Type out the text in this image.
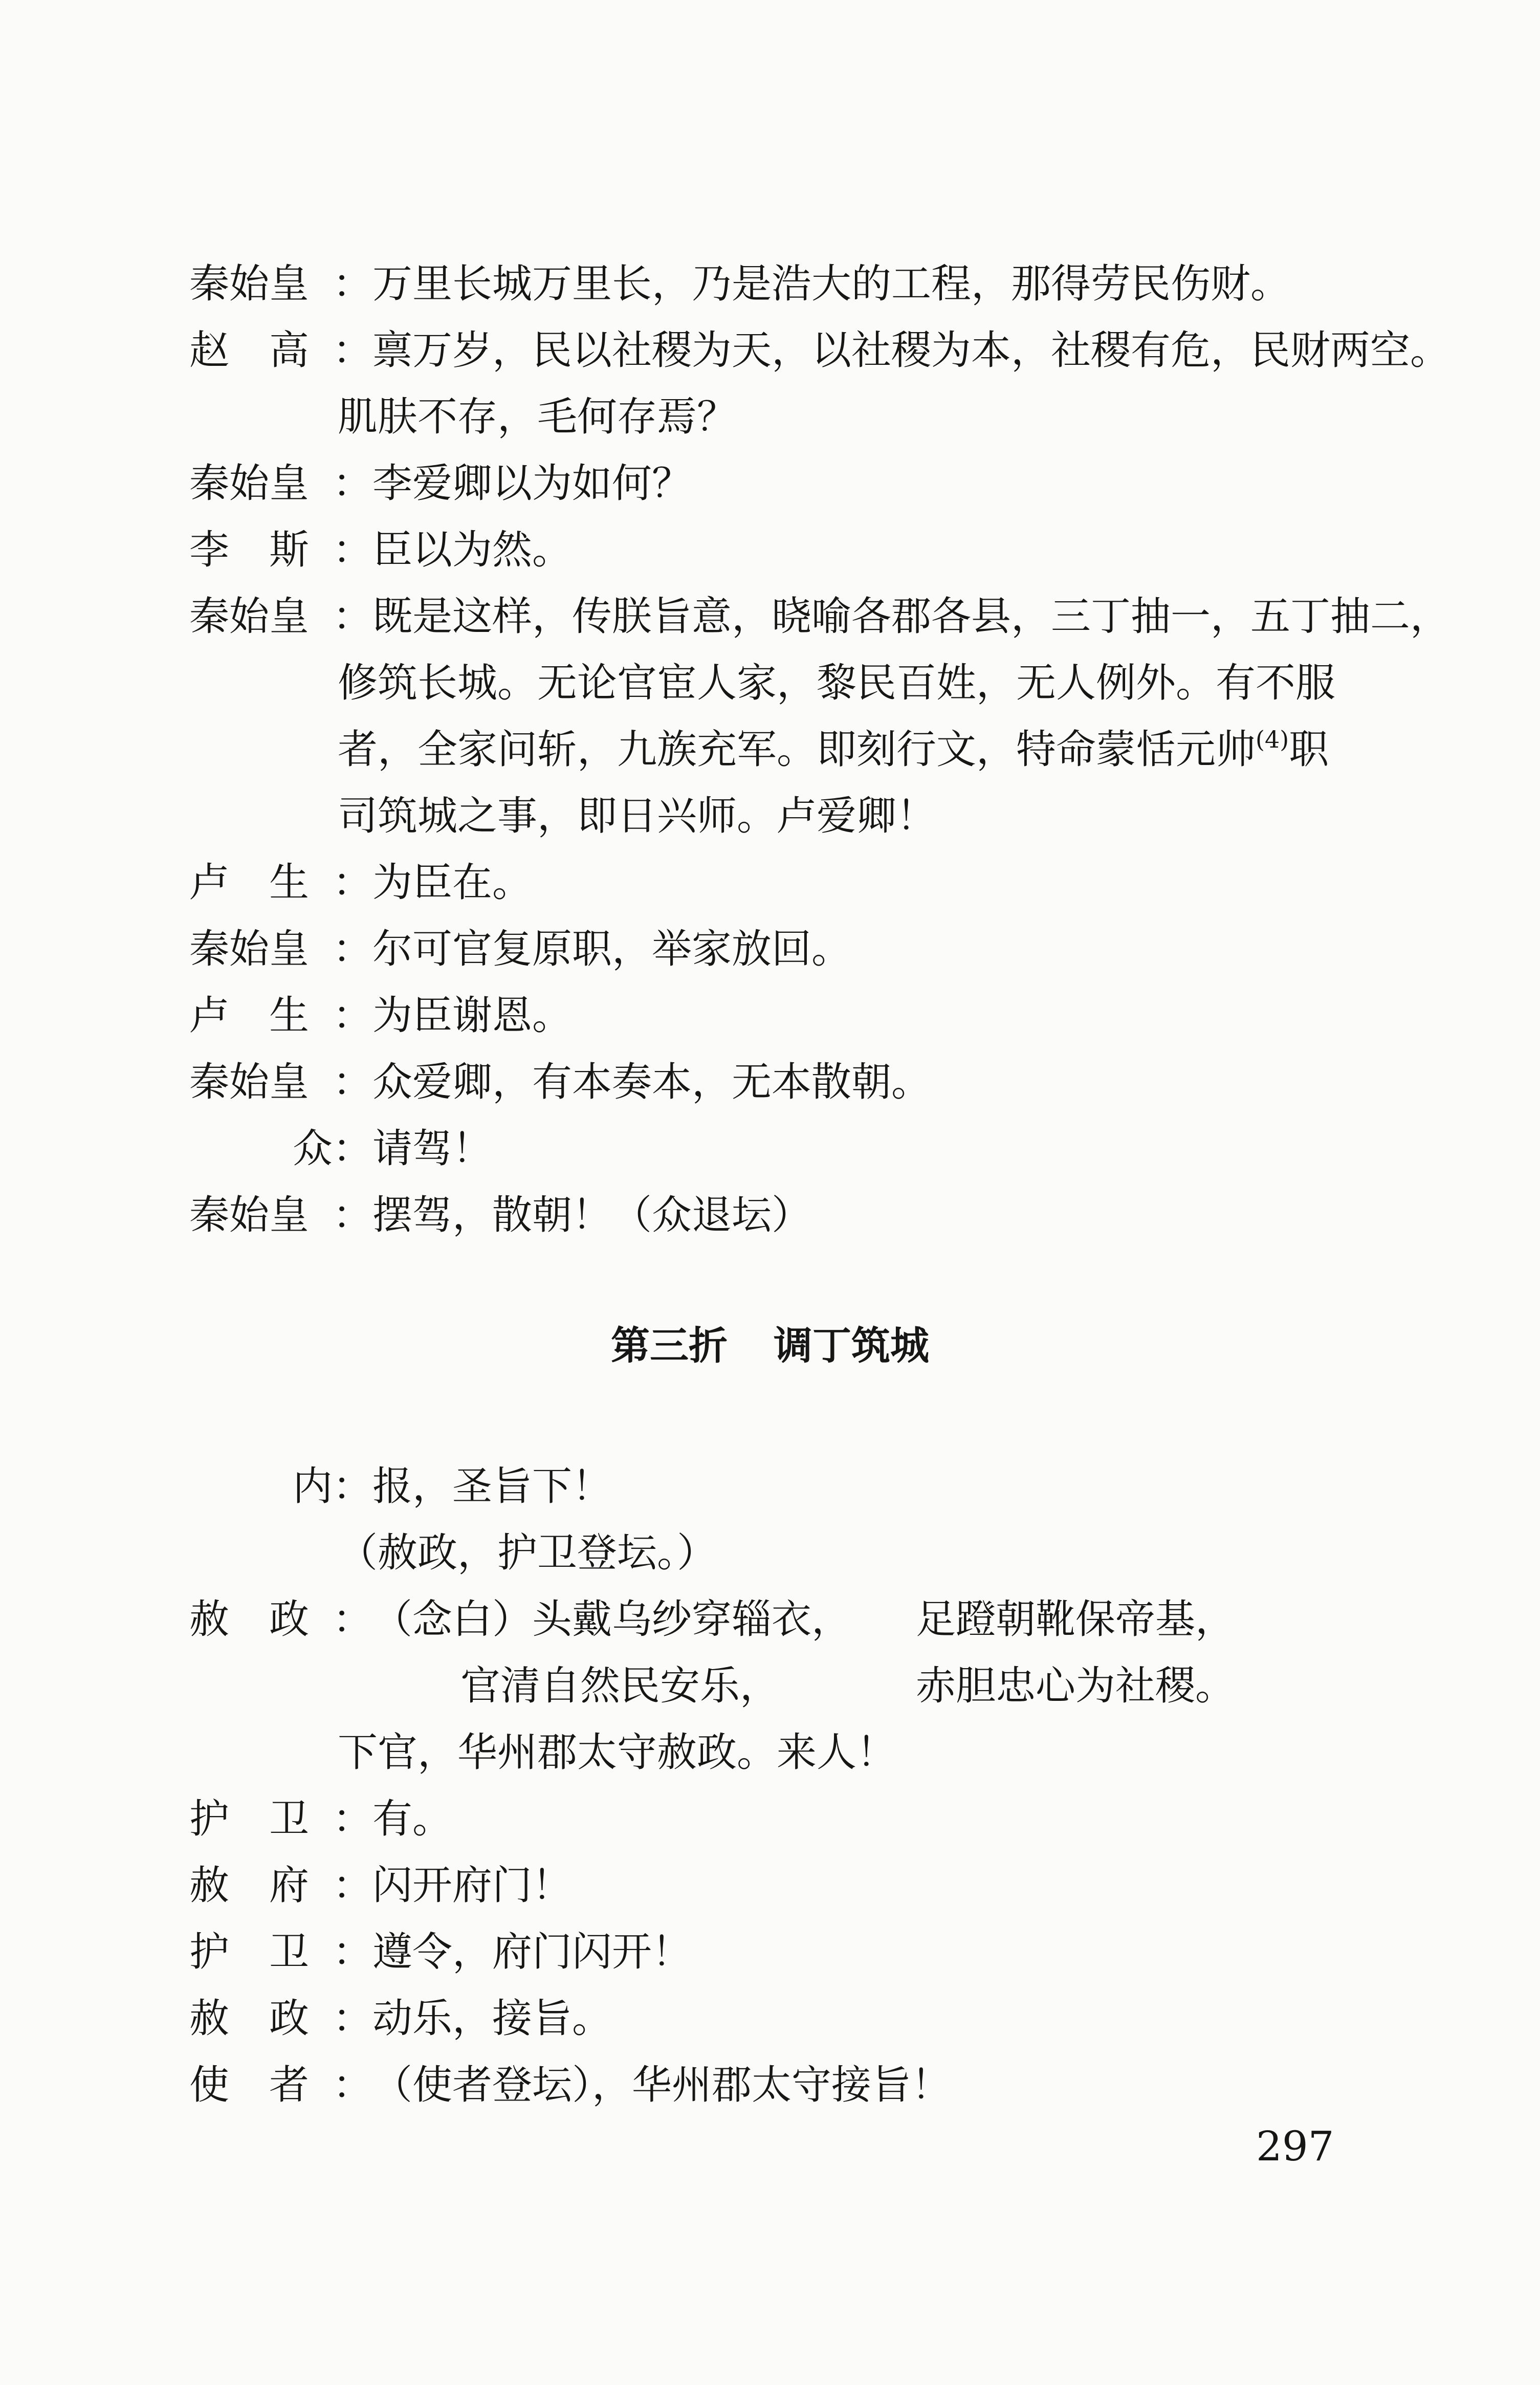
秦始皇 ：万里长城万里长，乃是浩大的工程，那得劳民伤财。
赵　高 ：禀万岁，民以社稷为天，以社稷为本，社稷有危，民财两空。
肌肤不存，毛何存焉？
秦始皇 ：李爱卿以为如何？
李　斯 ：臣以为然。
秦始皇 ：既是这样，传朕旨意，晓喻各郡各县，三丁抽一，五丁抽二，
修筑长城。无论官宦人家，黎民百姓，无人例外。有不服
者，全家问斩，九族充军。即刻行文，特命蒙恬元帅$^{(4)}$职
司筑城之事，即日兴师。卢爱卿！
卢　生 ：为臣在。
秦始皇 ：尔可官复原职，举家放回。
卢　生 ：为臣谢恩。
秦始皇 ：众爱卿，有本奏本，无本散朝。
众：请驾！
秦始皇 ：摆驾，散朝！（众退坛）
第三折 调丁筑城
内：报，圣旨下！
（赦政，护卫登坛。）
赦　政 ：（念白）头戴乌纱穿辎衣， 足蹬朝靴保帝基，
官清自然民安乐，	赤胆忠心为社稷。
下官，华州郡太守赦政。来人！
护　卫 ：有。
赦　府 ：闪开府门！
护　卫 ：遵令，府门闪开！
赦　政 ：动乐，接旨。
使　者 ：（使者登坛），华州郡太守接旨！
297
